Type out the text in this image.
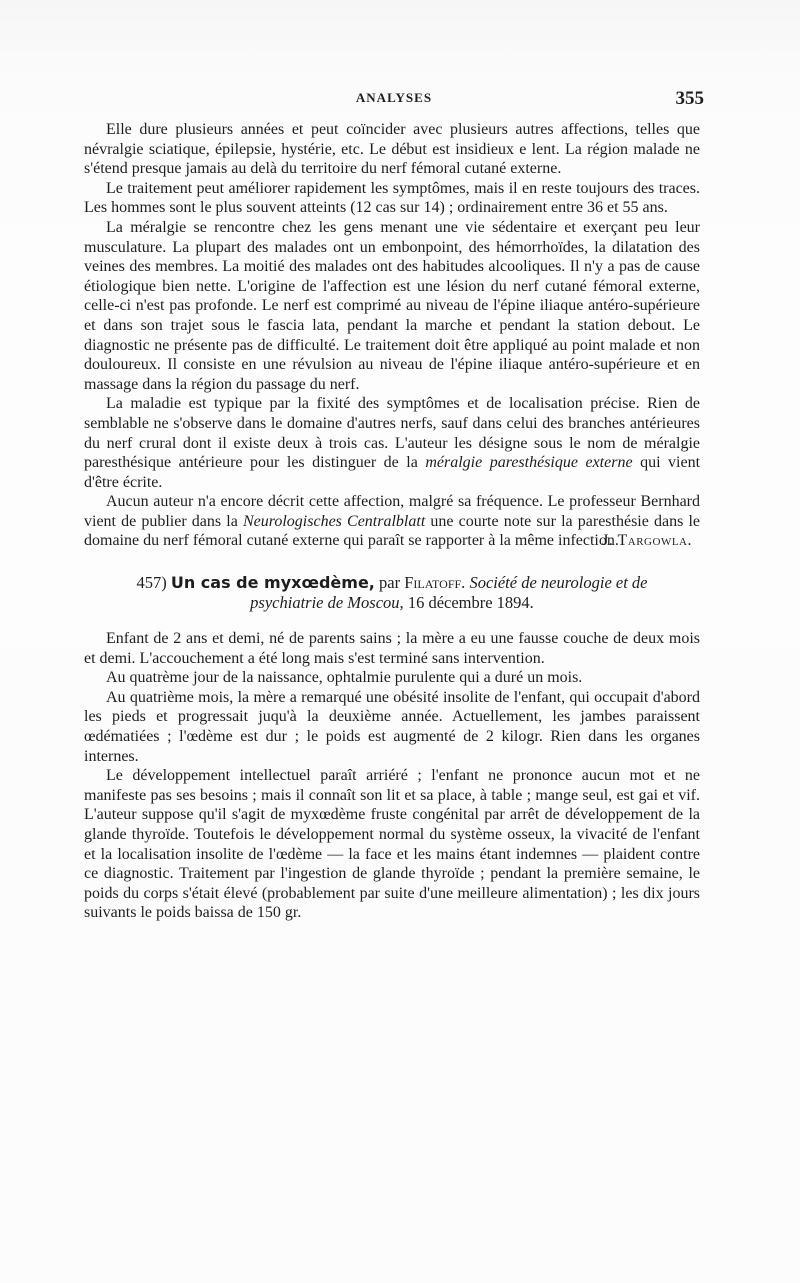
ANALYSES	355

Elle dure plusieurs années et peut coïncider avec plusieurs autres affections, telles que névralgie sciatique, épilepsie, hystérie, etc. Le début est insidieux e lent. La région malade ne s'étend presque jamais au delà du territoire du nerf fémoral cutané externe.

Le traitement peut améliorer rapidement les symptômes, mais il en reste toujours des traces. Les hommes sont le plus souvent atteints (12 cas sur 14) ; ordinairement entre 36 et 55 ans.

La méralgie se rencontre chez les gens menant une vie sédentaire et exerçant peu leur musculature. La plupart des malades ont un embonpoint, des hémorrhoïdes, la dilatation des veines des membres. La moitié des malades ont des habitudes alcooliques. Il n'y a pas de cause étiologique bien nette. L'origine de l'affection est une lésion du nerf cutané fémoral externe, celle-ci n'est pas profonde. Le nerf est comprimé au niveau de l'épine iliaque antéro-supérieure et dans son trajet sous le fascia lata, pendant la marche et pendant la station debout. Le diagnostic ne présente pas de difficulté. Le traitement doit être appliqué au point malade et non douloureux. Il consiste en une révulsion au niveau de l'épine iliaque antéro-supérieure et en massage dans la région du passage du nerf.

La maladie est typique par la fixité des symptômes et de localisation précise. Rien de semblable ne s'observe dans le domaine d'autres nerfs, sauf dans celui des branches antérieures du nerf crural dont il existe deux à trois cas. L'auteur les désigne sous le nom de méralgie paresthésique antérieure pour les distinguer de la méralgie paresthésique externe qui vient d'être écrite.

Aucun auteur n'a encore décrit cette affection, malgré sa fréquence. Le professeur Bernhard vient de publier dans la Neurologisches Centralblatt une courte note sur la paresthésie dans le domaine du nerf fémoral cutané externe qui paraît se rapporter à la même infection.

J. Targowla.
457) Un cas de myxœdème, par Filatoff. Société de neurologie et de psychiatrie de Moscou, 16 décembre 1894.

Enfant de 2 ans et demi, né de parents sains ; la mère a eu une fausse couche de deux mois et demi. L'accouchement a été long mais s'est terminé sans intervention.

Au quatrème jour de la naissance, ophtalmie purulente qui a duré un mois.

Au quatrième mois, la mère a remarqué une obésité insolite de l'enfant, qui occupait d'abord les pieds et progressait juqu'à la deuxième année. Actuellement, les jambes paraissent œdématiées ; l'œdème est dur ; le poids est augmenté de 2 kilogr. Rien dans les organes internes.

Le développement intellectuel paraît arriéré ; l'enfant ne prononce aucun mot et ne manifeste pas ses besoins ; mais il connaît son lit et sa place, à table ; mange seul, est gai et vif. L'auteur suppose qu'il s'agit de myxœdème fruste congénital par arrêt de développement de la glande thyroïde. Toutefois le développement normal du système osseux, la vivacité de l'enfant et la localisation insolite de l'œdème — la face et les mains étant indemnes — plaident contre ce diagnostic. Traitement par l'ingestion de glande thyroïde ; pendant la première semaine, le poids du corps s'était élevé (probablement par suite d'une meilleure alimentation) ; les dix jours suivants le poids baissa de 150 gr.
